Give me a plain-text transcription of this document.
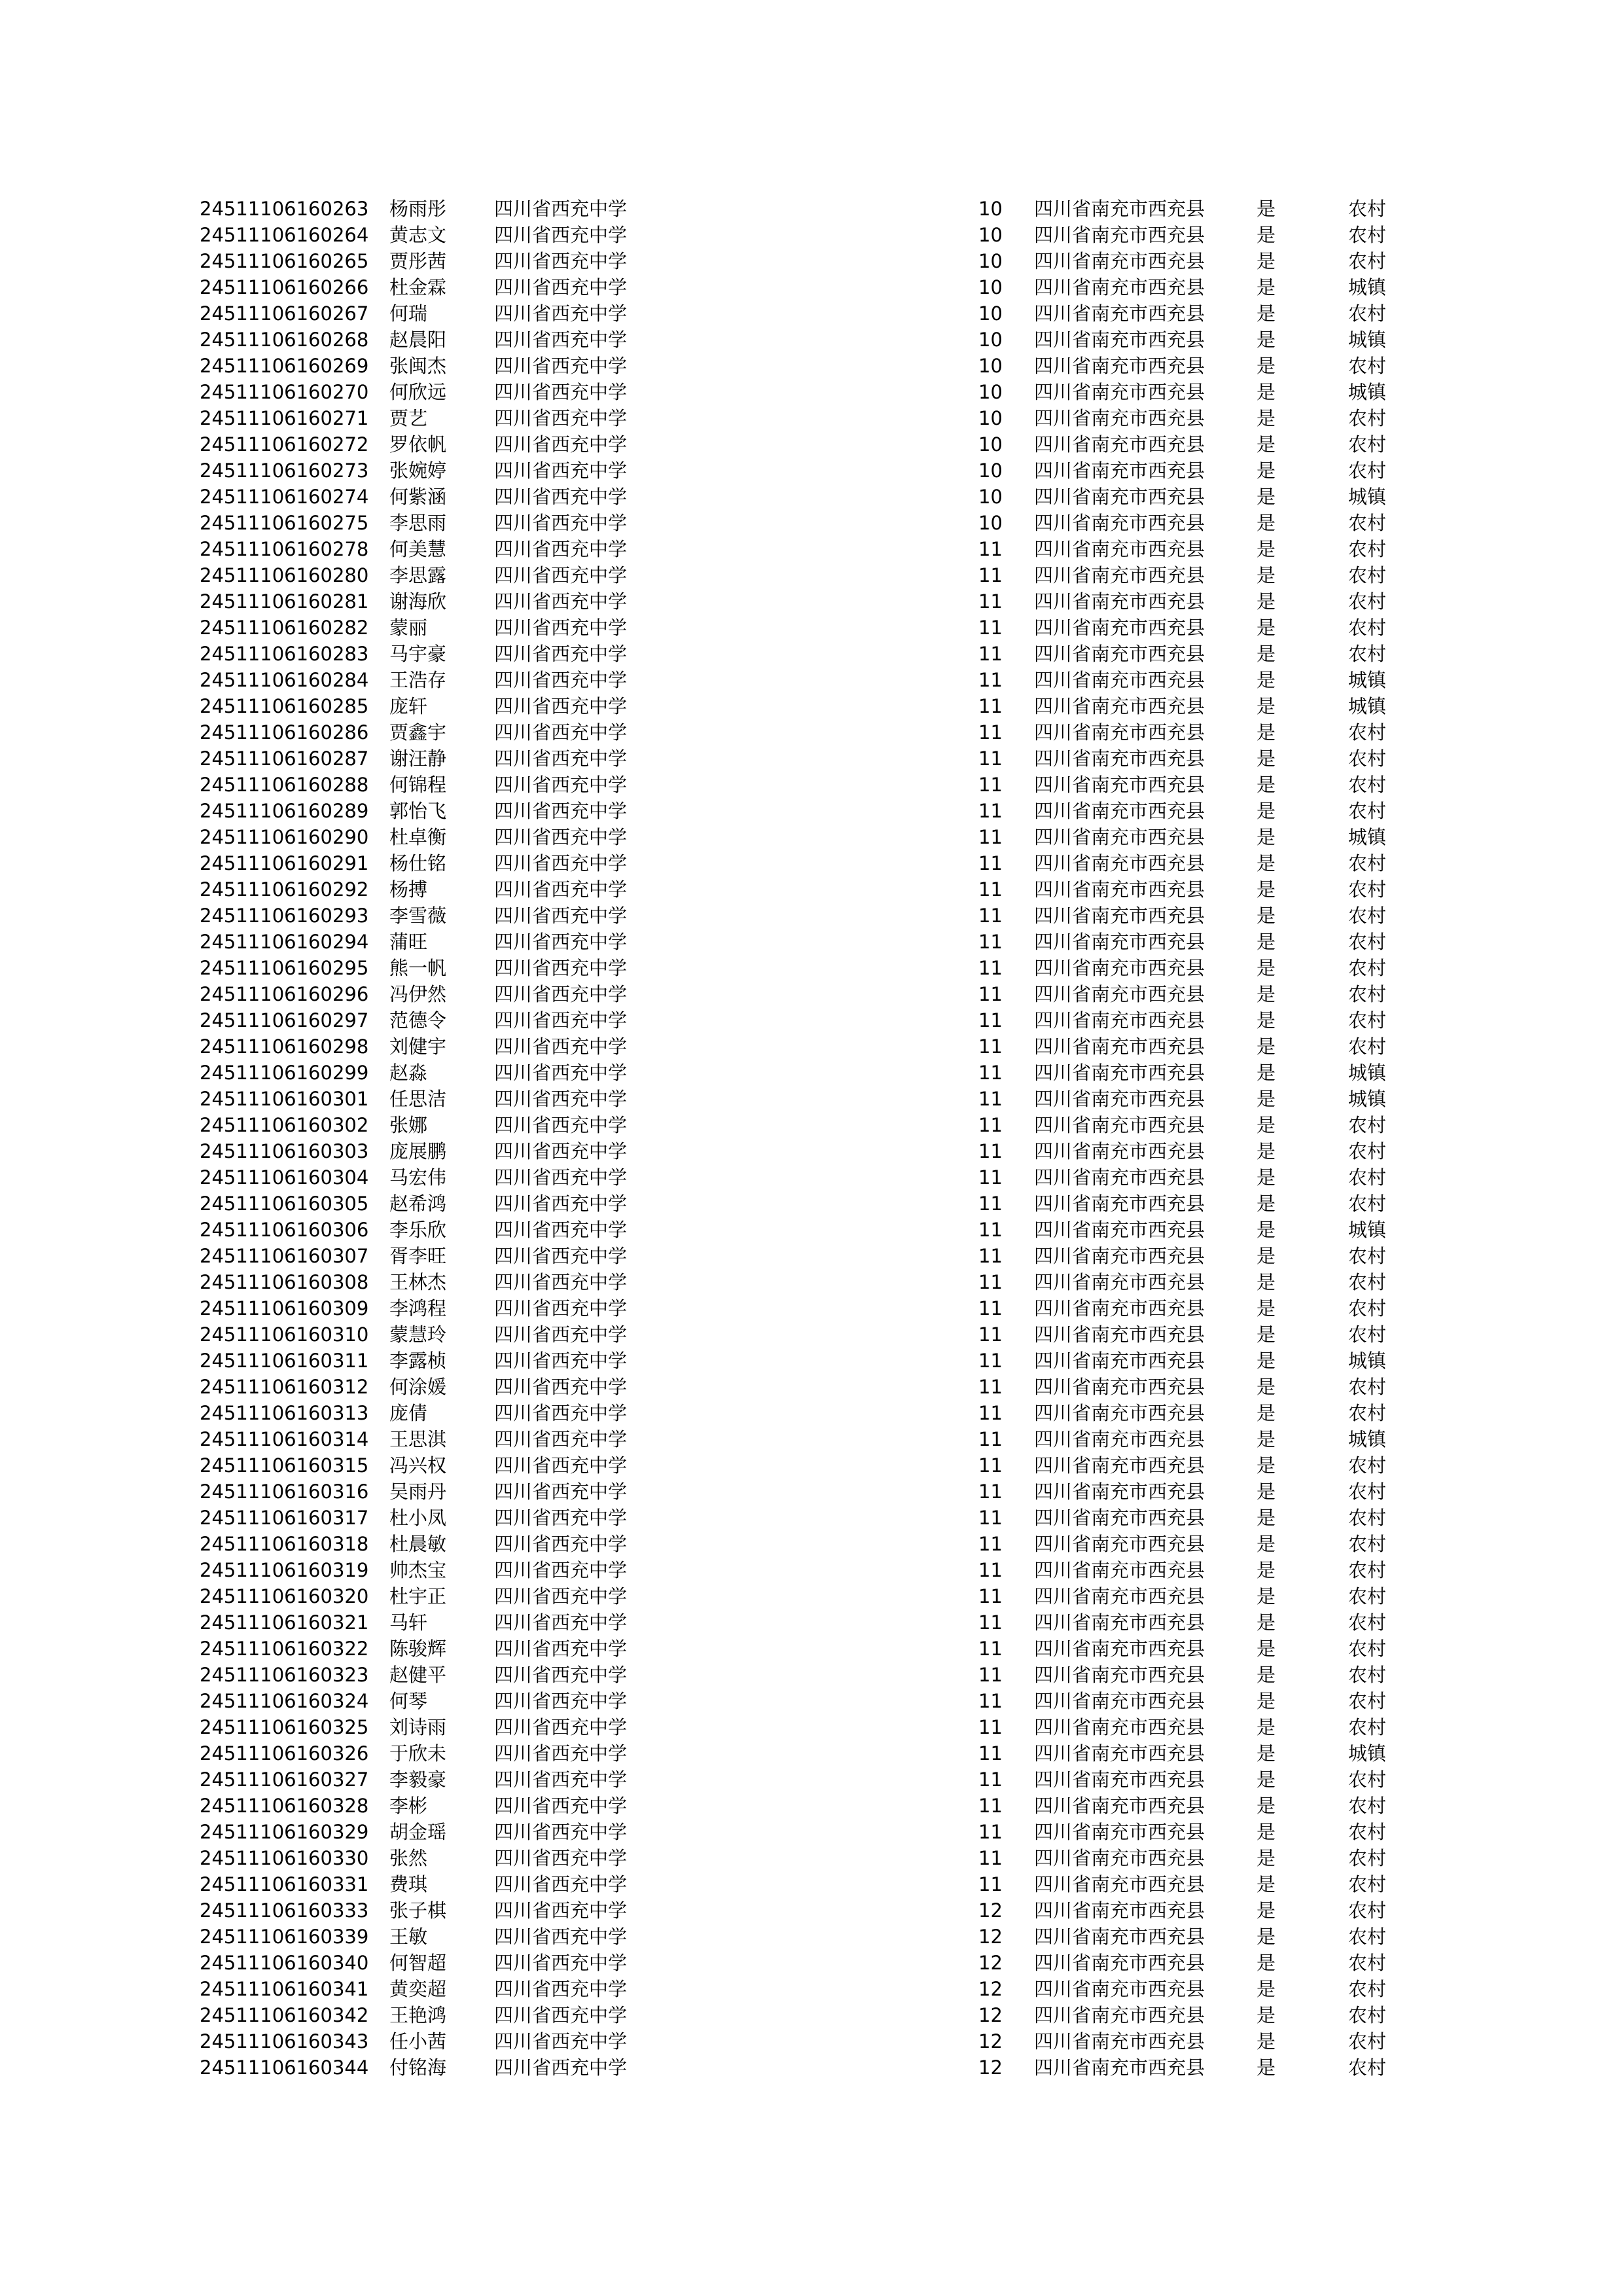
24511106160263	杨雨彤	四川省西充中学	10	四川省南充市西充县	是	农村
24511106160264	黄志文	四川省西充中学	10	四川省南充市西充县	是	农村
24511106160265	贾彤茜	四川省西充中学	10	四川省南充市西充县	是	农村
24511106160266	杜金霖	四川省西充中学	10	四川省南充市西充县	是	城镇
24511106160267	何瑞	四川省西充中学	10	四川省南充市西充县	是	农村
24511106160268	赵晨阳	四川省西充中学	10	四川省南充市西充县	是	城镇
24511106160269	张闽杰	四川省西充中学	10	四川省南充市西充县	是	农村
24511106160270	何欣远	四川省西充中学	10	四川省南充市西充县	是	城镇
24511106160271	贾艺	四川省西充中学	10	四川省南充市西充县	是	农村
24511106160272	罗依帆	四川省西充中学	10	四川省南充市西充县	是	农村
24511106160273	张婉婷	四川省西充中学	10	四川省南充市西充县	是	农村
24511106160274	何紫涵	四川省西充中学	10	四川省南充市西充县	是	城镇
24511106160275	李思雨	四川省西充中学	10	四川省南充市西充县	是	农村
24511106160278	何美慧	四川省西充中学	11	四川省南充市西充县	是	农村
24511106160280	李思露	四川省西充中学	11	四川省南充市西充县	是	农村
24511106160281	谢海欣	四川省西充中学	11	四川省南充市西充县	是	农村
24511106160282	蒙丽	四川省西充中学	11	四川省南充市西充县	是	农村
24511106160283	马宇豪	四川省西充中学	11	四川省南充市西充县	是	农村
24511106160284	王浩存	四川省西充中学	11	四川省南充市西充县	是	城镇
24511106160285	庞轩	四川省西充中学	11	四川省南充市西充县	是	城镇
24511106160286	贾鑫宇	四川省西充中学	11	四川省南充市西充县	是	农村
24511106160287	谢汪静	四川省西充中学	11	四川省南充市西充县	是	农村
24511106160288	何锦程	四川省西充中学	11	四川省南充市西充县	是	农村
24511106160289	郭怡飞	四川省西充中学	11	四川省南充市西充县	是	农村
24511106160290	杜卓衡	四川省西充中学	11	四川省南充市西充县	是	城镇
24511106160291	杨仕铭	四川省西充中学	11	四川省南充市西充县	是	农村
24511106160292	杨搏	四川省西充中学	11	四川省南充市西充县	是	农村
24511106160293	李雪薇	四川省西充中学	11	四川省南充市西充县	是	农村
24511106160294	蒲旺	四川省西充中学	11	四川省南充市西充县	是	农村
24511106160295	熊一帆	四川省西充中学	11	四川省南充市西充县	是	农村
24511106160296	冯伊然	四川省西充中学	11	四川省南充市西充县	是	农村
24511106160297	范德令	四川省西充中学	11	四川省南充市西充县	是	农村
24511106160298	刘健宇	四川省西充中学	11	四川省南充市西充县	是	农村
24511106160299	赵淼	四川省西充中学	11	四川省南充市西充县	是	城镇
24511106160301	任思洁	四川省西充中学	11	四川省南充市西充县	是	城镇
24511106160302	张娜	四川省西充中学	11	四川省南充市西充县	是	农村
24511106160303	庞展鹏	四川省西充中学	11	四川省南充市西充县	是	农村
24511106160304	马宏伟	四川省西充中学	11	四川省南充市西充县	是	农村
24511106160305	赵希鸿	四川省西充中学	11	四川省南充市西充县	是	农村
24511106160306	李乐欣	四川省西充中学	11	四川省南充市西充县	是	城镇
24511106160307	胥李旺	四川省西充中学	11	四川省南充市西充县	是	农村
24511106160308	王林杰	四川省西充中学	11	四川省南充市西充县	是	农村
24511106160309	李鸿程	四川省西充中学	11	四川省南充市西充县	是	农村
24511106160310	蒙慧玲	四川省西充中学	11	四川省南充市西充县	是	农村
24511106160311	李露桢	四川省西充中学	11	四川省南充市西充县	是	城镇
24511106160312	何涂媛	四川省西充中学	11	四川省南充市西充县	是	农村
24511106160313	庞倩	四川省西充中学	11	四川省南充市西充县	是	农村
24511106160314	王思淇	四川省西充中学	11	四川省南充市西充县	是	城镇
24511106160315	冯兴权	四川省西充中学	11	四川省南充市西充县	是	农村
24511106160316	吴雨丹	四川省西充中学	11	四川省南充市西充县	是	农村
24511106160317	杜小凤	四川省西充中学	11	四川省南充市西充县	是	农村
24511106160318	杜晨敏	四川省西充中学	11	四川省南充市西充县	是	农村
24511106160319	帅杰宝	四川省西充中学	11	四川省南充市西充县	是	农村
24511106160320	杜宇正	四川省西充中学	11	四川省南充市西充县	是	农村
24511106160321	马轩	四川省西充中学	11	四川省南充市西充县	是	农村
24511106160322	陈骏辉	四川省西充中学	11	四川省南充市西充县	是	农村
24511106160323	赵健平	四川省西充中学	11	四川省南充市西充县	是	农村
24511106160324	何琴	四川省西充中学	11	四川省南充市西充县	是	农村
24511106160325	刘诗雨	四川省西充中学	11	四川省南充市西充县	是	农村
24511106160326	于欣未	四川省西充中学	11	四川省南充市西充县	是	城镇
24511106160327	李毅豪	四川省西充中学	11	四川省南充市西充县	是	农村
24511106160328	李彬	四川省西充中学	11	四川省南充市西充县	是	农村
24511106160329	胡金瑶	四川省西充中学	11	四川省南充市西充县	是	农村
24511106160330	张然	四川省西充中学	11	四川省南充市西充县	是	农村
24511106160331	费琪	四川省西充中学	11	四川省南充市西充县	是	农村
24511106160333	张子棋	四川省西充中学	12	四川省南充市西充县	是	农村
24511106160339	王敏	四川省西充中学	12	四川省南充市西充县	是	农村
24511106160340	何智超	四川省西充中学	12	四川省南充市西充县	是	农村
24511106160341	黄奕超	四川省西充中学	12	四川省南充市西充县	是	农村
24511106160342	王艳鸿	四川省西充中学	12	四川省南充市西充县	是	农村
24511106160343	任小茜	四川省西充中学	12	四川省南充市西充县	是	农村
24511106160344	付铭海	四川省西充中学	12	四川省南充市西充县	是	农村
